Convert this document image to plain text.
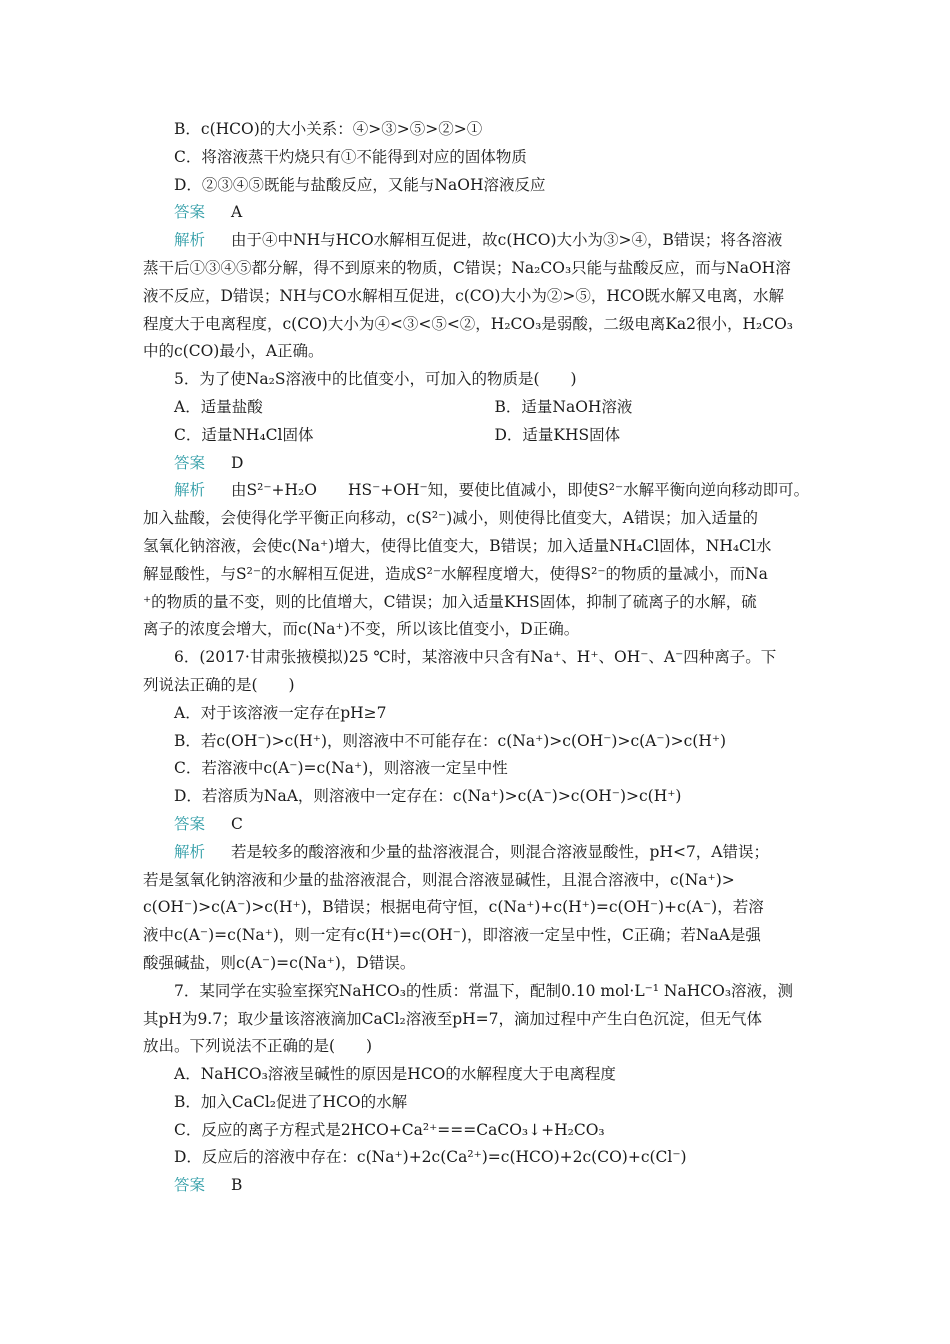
B．c(HCO)的大小关系：④>③>⑤>②>①
C．将溶液蒸干灼烧只有①不能得到对应的固体物质
D．②③④⑤既能与盐酸反应，又能与NaOH溶液反应
答案 A
解析 由于④中NH与HCO水解相互促进，故c(HCO)大小为③>④，B错误；将各溶液
蒸干后①③④⑤都分解，得不到原来的物质，C错误；Na₂CO₃只能与盐酸反应，而与NaOH溶
液不反应，D错误；NH与CO水解相互促进，c(CO)大小为②>⑤，HCO既水解又电离，水解
程度大于电离程度，c(CO)大小为④<③<⑤<②，H₂CO₃是弱酸，二级电离Ka2很小，H₂CO₃
中的c(CO)最小，A正确。
5．为了使Na₂S溶液中的比值变小，可加入的物质是(　　)
A．适量盐酸	B．适量NaOH溶液
C．适量NH₄Cl固体	D．适量KHS固体
答案 D
解析 由S²⁻+H₂O　　HS⁻+OH⁻知，要使比值减小，即使S²⁻水解平衡向逆向移动即可。
加入盐酸，会使得化学平衡正向移动，c(S²⁻)减小，则使得比值变大，A错误；加入适量的
氢氧化钠溶液，会使c(Na⁺)增大，使得比值变大，B错误；加入适量NH₄Cl固体，NH₄Cl水
解显酸性，与S²⁻的水解相互促进，造成S²⁻水解程度增大，使得S²⁻的物质的量减小，而Na
⁺的物质的量不变，则的比值增大，C错误；加入适量KHS固体，抑制了硫离子的水解，硫
离子的浓度会增大，而c(Na⁺)不变，所以该比值变小，D正确。
6．(2017·甘肃张掖模拟)25 ℃时，某溶液中只含有Na⁺、H⁺、OH⁻、A⁻四种离子。下
列说法正确的是(　　)
A．对于该溶液一定存在pH≥7
B．若c(OH⁻)>c(H⁺)，则溶液中不可能存在：c(Na⁺)>c(OH⁻)>c(A⁻)>c(H⁺)
C．若溶液中c(A⁻)=c(Na⁺)，则溶液一定呈中性
D．若溶质为NaA，则溶液中一定存在：c(Na⁺)>c(A⁻)>c(OH⁻)>c(H⁺)
答案 C
解析 若是较多的酸溶液和少量的盐溶液混合，则混合溶液显酸性，pH<7，A错误；
若是氢氧化钠溶液和少量的盐溶液混合，则混合溶液显碱性，且混合溶液中，c(Na⁺)>
c(OH⁻)>c(A⁻)>c(H⁺)，B错误；根据电荷守恒，c(Na⁺)+c(H⁺)=c(OH⁻)+c(A⁻)，若溶
液中c(A⁻)=c(Na⁺)，则一定有c(H⁺)=c(OH⁻)，即溶液一定呈中性，C正确；若NaA是强
酸强碱盐，则c(A⁻)=c(Na⁺)，D错误。
7．某同学在实验室探究NaHCO₃的性质：常温下，配制0.10 mol·L⁻¹ NaHCO₃溶液，测
其pH为9.7；取少量该溶液滴加CaCl₂溶液至pH=7，滴加过程中产生白色沉淀，但无气体
放出。下列说法不正确的是(　　)
A．NaHCO₃溶液呈碱性的原因是HCO的水解程度大于电离程度
B．加入CaCl₂促进了HCO的水解
C．反应的离子方程式是2HCO+Ca²⁺===CaCO₃↓+H₂CO₃
D．反应后的溶液中存在：c(Na⁺)+2c(Ca²⁺)=c(HCO)+2c(CO)+c(Cl⁻)
答案 B
